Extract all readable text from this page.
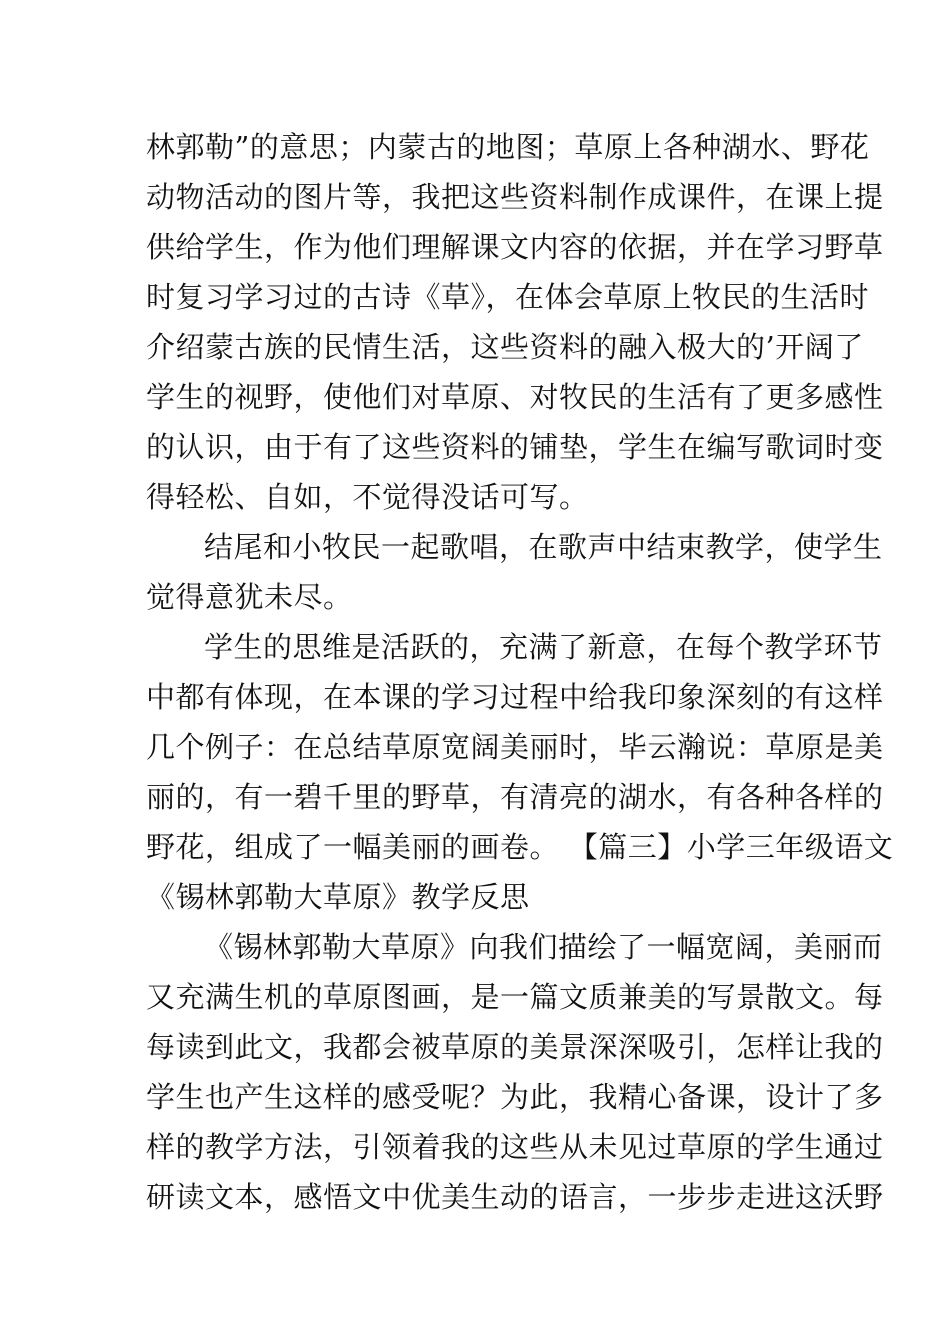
林郭勒”的意思；内蒙古的地图；草原上各种湖水、野花
动物活动的图片等，我把这些资料制作成课件，在课上提
供给学生，作为他们理解课文内容的依据，并在学习野草
时复习学习过的古诗《草》，在体会草原上牧民的生活时
介绍蒙古族的民情生活，这些资料的融入极大的’开阔了
学生的视野，使他们对草原、对牧民的生活有了更多感性
的认识，由于有了这些资料的铺垫，学生在编写歌词时变
得轻松、自如，不觉得没话可写。
结尾和小牧民一起歌唱，在歌声中结束教学，使学生
觉得意犹未尽。
学生的思维是活跃的，充满了新意，在每个教学环节
中都有体现，在本课的学习过程中给我印象深刻的有这样
几个例子：在总结草原宽阔美丽时，毕云瀚说：草原是美
丽的，有一碧千里的野草，有清亮的湖水，有各种各样的
野花，组成了一幅美丽的画卷。 【篇三】小学三年级语文
《锡林郭勒大草原》教学反思
《锡林郭勒大草原》向我们描绘了一幅宽阔，美丽而
又充满生机的草原图画，是一篇文质兼美的写景散文。每
每读到此文，我都会被草原的美景深深吸引，怎样让我的
学生也产生这样的感受呢？为此，我精心备课，设计了多
样的教学方法，引领着我的这些从未见过草原的学生通过
研读文本，感悟文中优美生动的语言，一步步走进这沃野
